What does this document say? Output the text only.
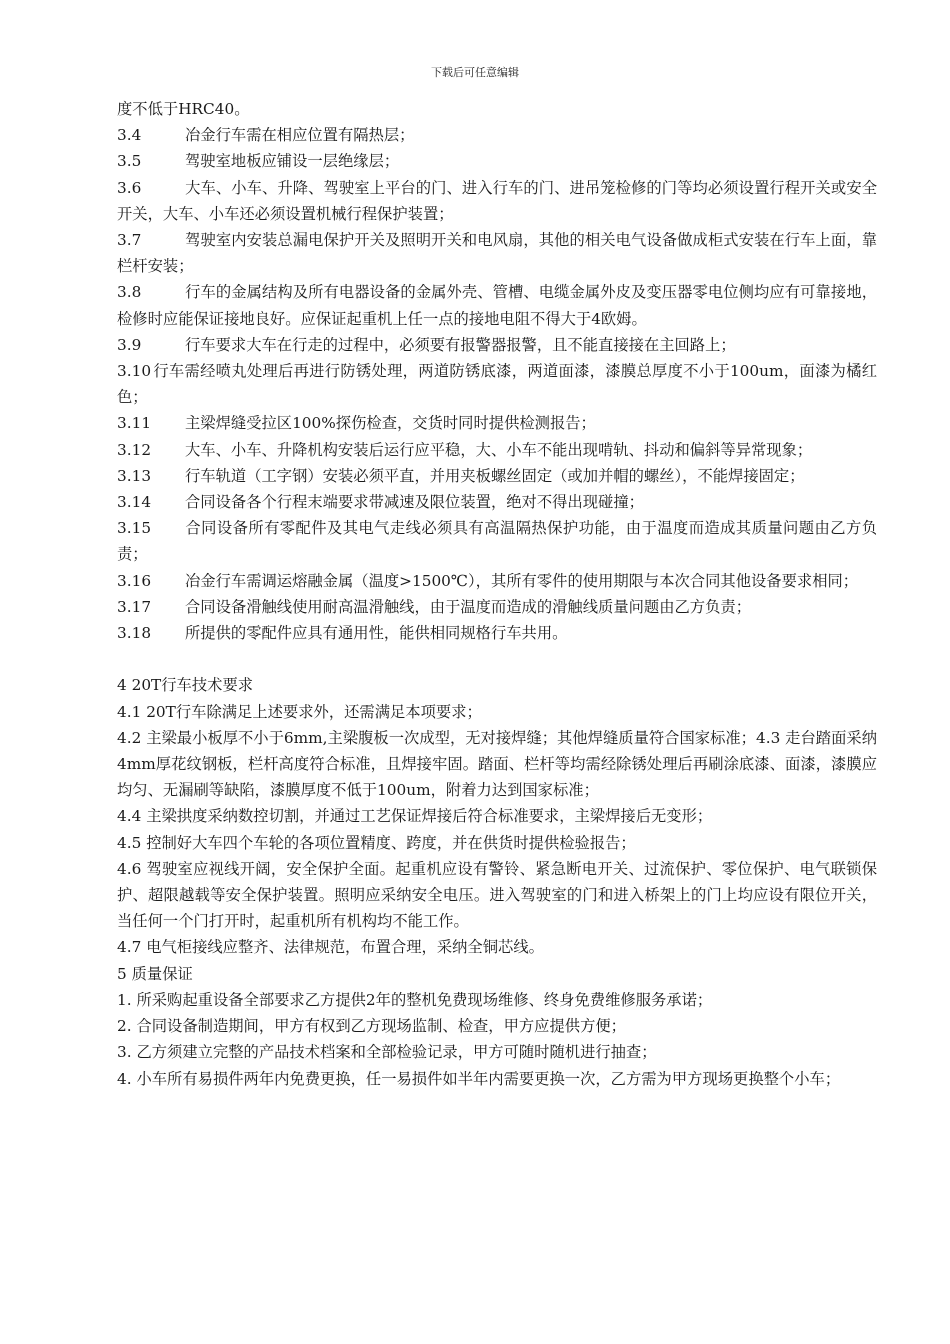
下载后可任意编辑
度不低于HRC40。
3.4	冶金行车需在相应位置有隔热层；
3.5	驾驶室地板应铺设一层绝缘层；
3.6	大车、小车、升降、驾驶室上平台的门、进入行车的门、进吊笼检修的门等均必须设置行程开关或安全开关，大车、小车还必须设置机械行程保护装置；
3.7	驾驶室内安装总漏电保护开关及照明开关和电风扇，其他的相关电气设备做成柜式安装在行车上面，靠栏杆安装；
3.8	行车的金属结构及所有电器设备的金属外壳、管槽、电缆金属外皮及变压器零电位侧均应有可靠接地，检修时应能保证接地良好。应保证起重机上任一点的接地电阻不得大于4欧姆。
3.9	行车要求大车在行走的过程中，必须要有报警器报警，且不能直接接在主回路上；
3.10 行车需经喷丸处理后再进行防锈处理，两道防锈底漆，两道面漆，漆膜总厚度不小于100um，面漆为橘红色；
3.11 主梁焊缝受拉区100%探伤检查，交货时同时提供检测报告；
3.12 大车、小车、升降机构安装后运行应平稳，大、小车不能出现啃轨、抖动和偏斜等异常现象；
3.13 行车轨道（工字钢）安装必须平直，并用夹板螺丝固定（或加并帽的螺丝），不能焊接固定；
3.14 合同设备各个行程末端要求带减速及限位装置，绝对不得出现碰撞；
3.15 合同设备所有零配件及其电气走线必须具有高温隔热保护功能，由于温度而造成其质量问题由乙方负责；
3.16 冶金行车需调运熔融金属（温度>1500℃），其所有零件的使用期限与本次合同其他设备要求相同；
3.17 合同设备滑触线使用耐高温滑触线，由于温度而造成的滑触线质量问题由乙方负责；
3.18 所提供的零配件应具有通用性，能供相同规格行车共用。
4 20T行车技术要求
4.1 20T行车除满足上述要求外，还需满足本项要求；
4.2 主梁最小板厚不小于6mm,主梁腹板一次成型，无对接焊缝；其他焊缝质量符合国家标准；4.3 走台踏面采纳4mm厚花纹钢板，栏杆高度符合标准，且焊接牢固。踏面、栏杆等均需经除锈处理后再刷涂底漆、面漆，漆膜应均匀、无漏刷等缺陷，漆膜厚度不低于100um，附着力达到国家标准；
4.4 主梁拱度采纳数控切割，并通过工艺保证焊接后符合标准要求，主梁焊接后无变形；
4.5 控制好大车四个车轮的各项位置精度、跨度，并在供货时提供检验报告；
4.6 驾驶室应视线开阔，安全保护全面。起重机应设有警铃、紧急断电开关、过流保护、零位保护、电气联锁保护、超限越载等安全保护装置。照明应采纳安全电压。进入驾驶室的门和进入桥架上的门上均应设有限位开关，当任何一个门打开时，起重机所有机构均不能工作。
4.7 电气柜接线应整齐、法律规范，布置合理，采纳全铜芯线。
5 质量保证
1. 所采购起重设备全部要求乙方提供2年的整机免费现场维修、终身免费维修服务承诺；
2. 合同设备制造期间，甲方有权到乙方现场监制、检查，甲方应提供方便；
3. 乙方须建立完整的产品技术档案和全部检验记录，甲方可随时随机进行抽查；
4. 小车所有易损件两年内免费更换，任一易损件如半年内需要更换一次，乙方需为甲方现场更换整个小车；
